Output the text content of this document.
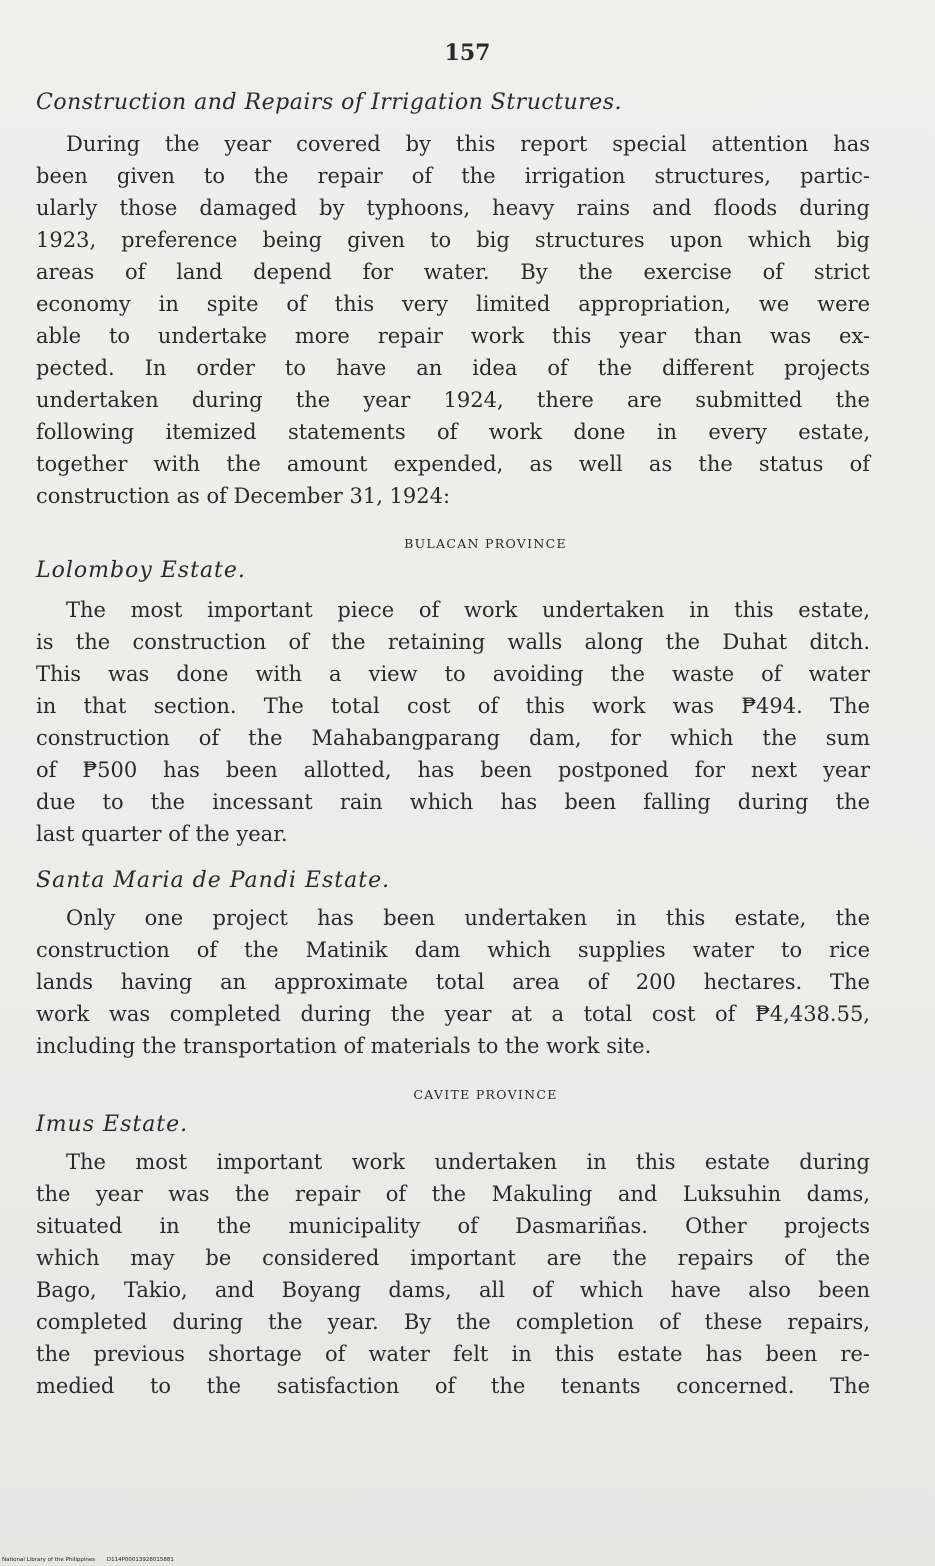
157
Construction and Repairs of Irrigation Structures.
During the year covered by this report special attention has
been given to the repair of the irrigation structures, partic-
ularly those damaged by typhoons, heavy rains and floods during
1923, preference being given to big structures upon which big
areas of land depend for water. By the exercise of strict
economy in spite of this very limited appropriation, we were
able to undertake more repair work this year than was ex-
pected. In order to have an idea of the different projects
undertaken during the year 1924, there are submitted the
following itemized statements of work done in every estate,
together with the amount expended, as well as the status of
construction as of December 31, 1924:
BULACAN PROVINCE
Lolomboy Estate.
The most important piece of work undertaken in this estate,
is the construction of the retaining walls along the Duhat ditch.
This was done with a view to avoiding the waste of water
in that section. The total cost of this work was ₱494. The
construction of the Mahabangparang dam, for which the sum
of ₱500 has been allotted, has been postponed for next year
due to the incessant rain which has been falling during the
last quarter of the year.
Santa Maria de Pandi Estate.
Only one project has been undertaken in this estate, the
construction of the Matinik dam which supplies water to rice
lands having an approximate total area of 200 hectares. The
work was completed during the year at a total cost of ₱4,438.55,
including the transportation of materials to the work site.
CAVITE PROVINCE
Imus Estate.
The most important work undertaken in this estate during
the year was the repair of the Makuling and Luksuhin dams,
situated in the municipality of Dasmariñas. Other projects
which may be considered important are the repairs of the
Bago, Takio, and Boyang dams, all of which have also been
completed during the year. By the completion of these repairs,
the previous shortage of water felt in this estate has been re-
medied to the satisfaction of the tenants concerned. The
National Library of the Philippines D114P00013928015881
